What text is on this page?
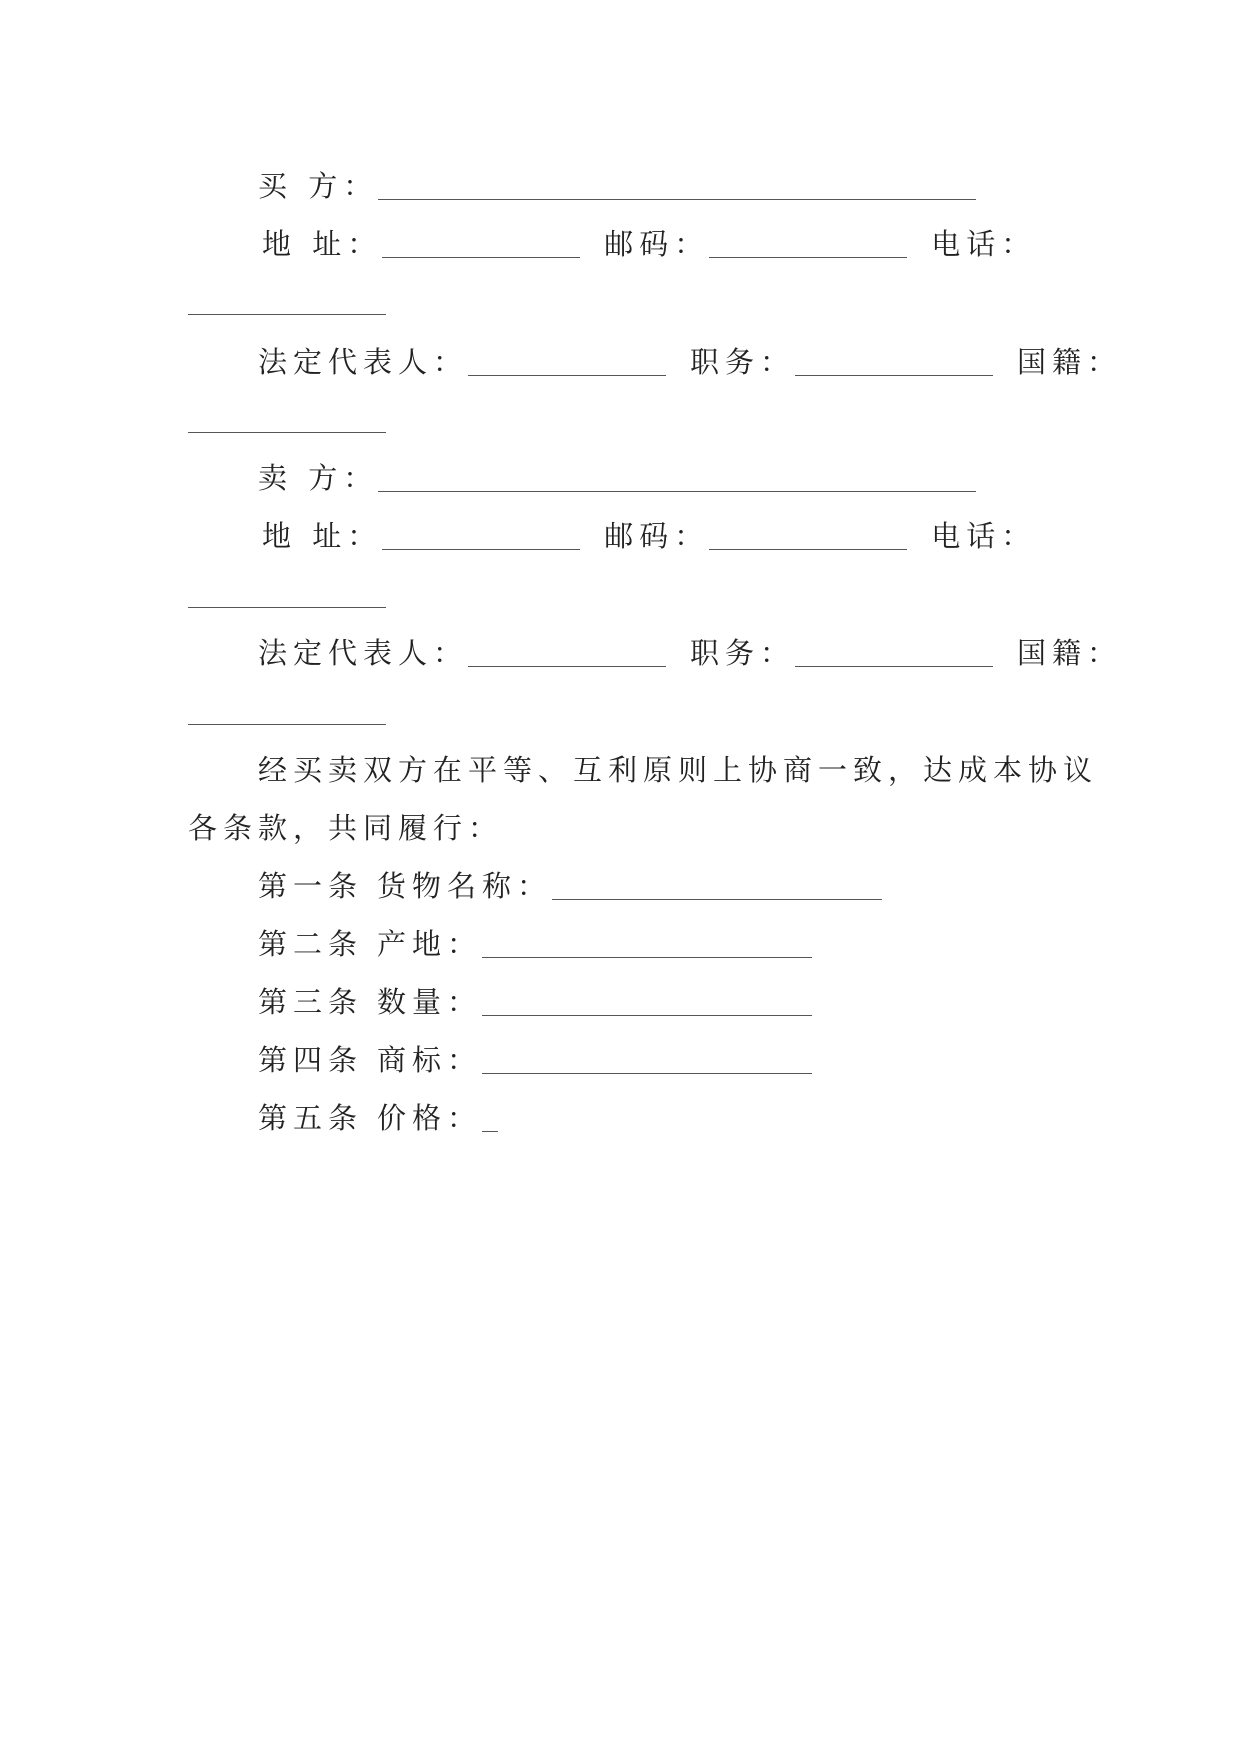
买 方：
地 址：	邮码：	电话：
法定代表人：	职务：	国籍：
卖 方：
地 址：	邮码：	电话：
法定代表人：	职务：	国籍：
经买卖双方在平等、互利原则上协商一致，达成本协议
各条款，共同履行：
第一条 货物名称：
第二条 产地：
第三条 数量：
第四条 商标：
第五条 价格：
